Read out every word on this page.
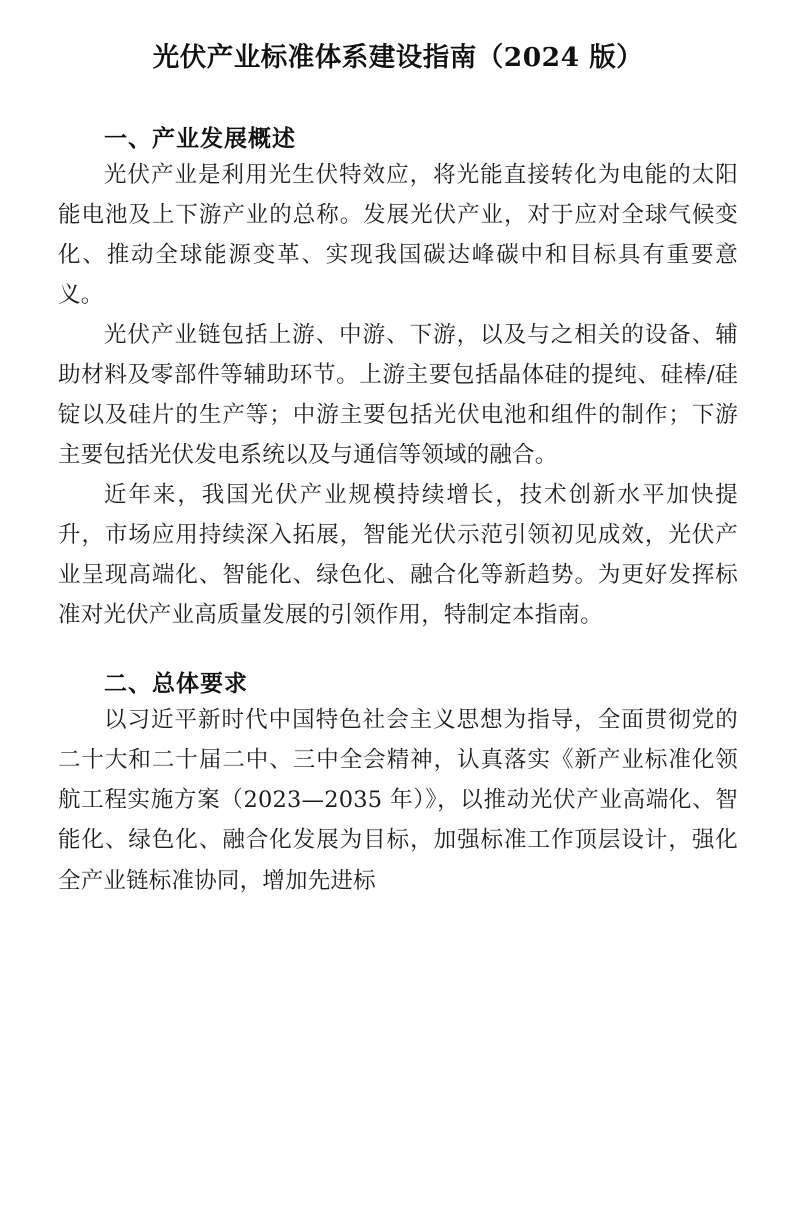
光伏产业标准体系建设指南（2024 版）
一、产业发展概述

光伏产业是利用光生伏特效应，将光能直接转化为电能的太阳能电池及上下游产业的总称。发展光伏产业，对于应对全球气候变化、推动全球能源变革、实现我国碳达峰碳中和目标具有重要意义。

光伏产业链包括上游、中游、下游，以及与之相关的设备、辅助材料及零部件等辅助环节。上游主要包括晶体硅的提纯、硅棒/硅锭以及硅片的生产等；中游主要包括光伏电池和组件的制作；下游主要包括光伏发电系统以及与通信等领域的融合。

近年来，我国光伏产业规模持续增长，技术创新水平加快提升，市场应用持续深入拓展，智能光伏示范引领初见成效，光伏产业呈现高端化、智能化、绿色化、融合化等新趋势。为更好发挥标准对光伏产业高质量发展的引领作用，特制定本指南。

二、总体要求

以习近平新时代中国特色社会主义思想为指导，全面贯彻党的二十大和二十届二中、三中全会精神，认真落实《新产业标准化领航工程实施方案（2023—2035 年）》，以推动光伏产业高端化、智能化、绿色化、融合化发展为目标，加强标准工作顶层设计，强化全产业链标准协同，增加先进标
